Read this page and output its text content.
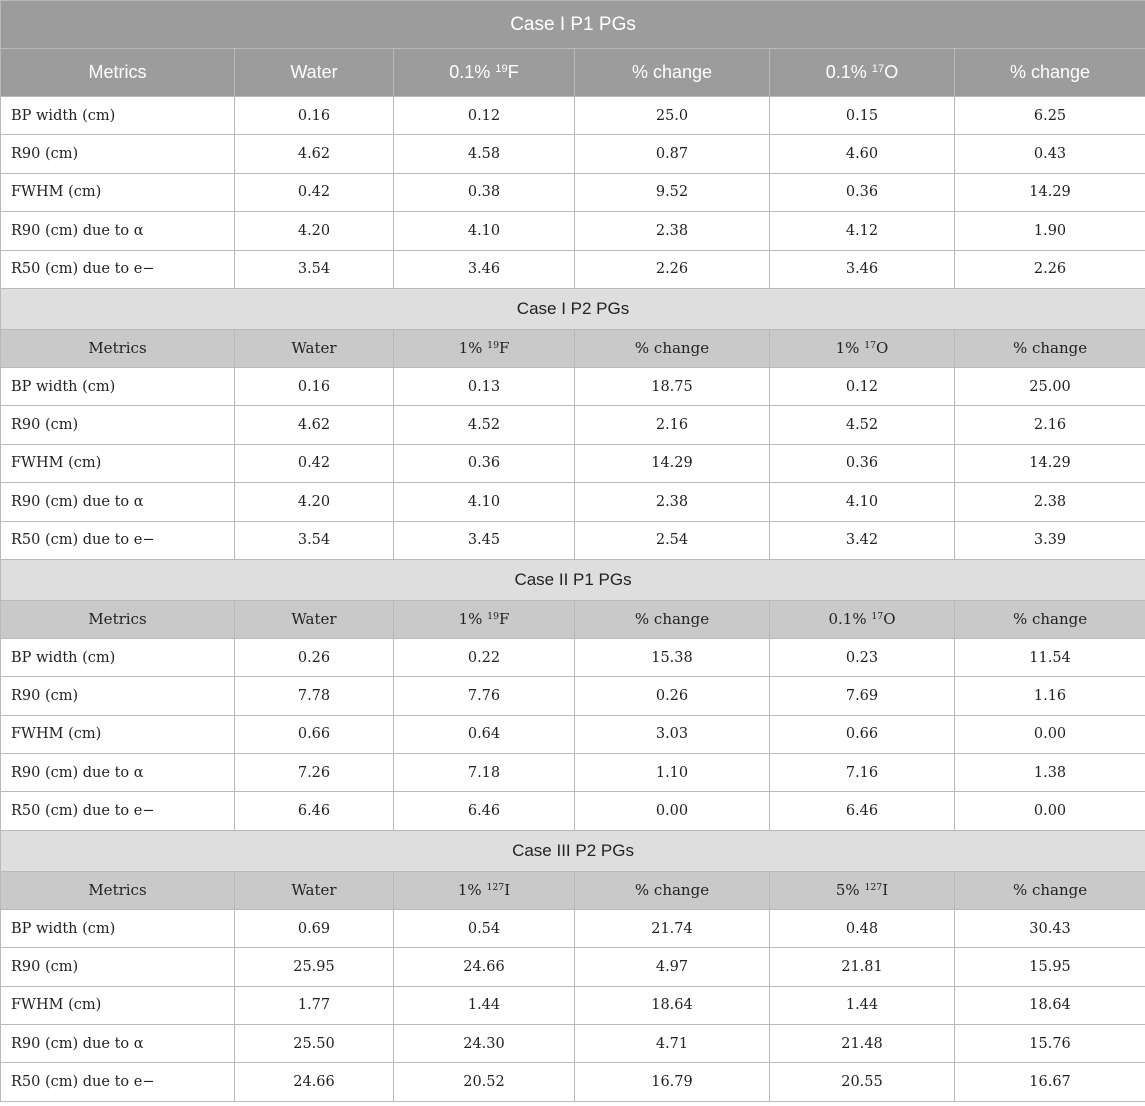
Case I P1 PGs					
Metrics	Water	0.1% $^{19}$F	% change	0.1% $^{17}$O	% change
BP width (cm)	0.16	0.12	25.0	0.15	6.25
R90 (cm)	4.62	4.58	0.87	4.60	0.43
FWHM (cm)	0.42	0.38	9.52	0.36	14.29
R90 (cm) due to α	4.20	4.10	2.38	4.12	1.90
R50 (cm) due to e−	3.54	3.46	2.26	3.46	2.26
Case I P2 PGs					
Metrics	Water	1% $^{19}$F	% change	1% $^{17}$O	% change
BP width (cm)	0.16	0.13	18.75	0.12	25.00
R90 (cm)	4.62	4.52	2.16	4.52	2.16
FWHM (cm)	0.42	0.36	14.29	0.36	14.29
R90 (cm) due to α	4.20	4.10	2.38	4.10	2.38
R50 (cm) due to e−	3.54	3.45	2.54	3.42	3.39
Case II P1 PGs					
Metrics	Water	1% $^{19}$F	% change	0.1% $^{17}$O	% change
BP width (cm)	0.26	0.22	15.38	0.23	11.54
R90 (cm)	7.78	7.76	0.26	7.69	1.16
FWHM (cm)	0.66	0.64	3.03	0.66	0.00
R90 (cm) due to α	7.26	7.18	1.10	7.16	1.38
R50 (cm) due to e−	6.46	6.46	0.00	6.46	0.00
Case III P2 PGs					
Metrics	Water	1% $^{127}$I	% change	5% $^{127}$I	% change
BP width (cm)	0.69	0.54	21.74	0.48	30.43
R90 (cm)	25.95	24.66	4.97	21.81	15.95
FWHM (cm)	1.77	1.44	18.64	1.44	18.64
R90 (cm) due to α	25.50	24.30	4.71	21.48	15.76
R50 (cm) due to e−	24.66	20.52	16.79	20.55	16.67
